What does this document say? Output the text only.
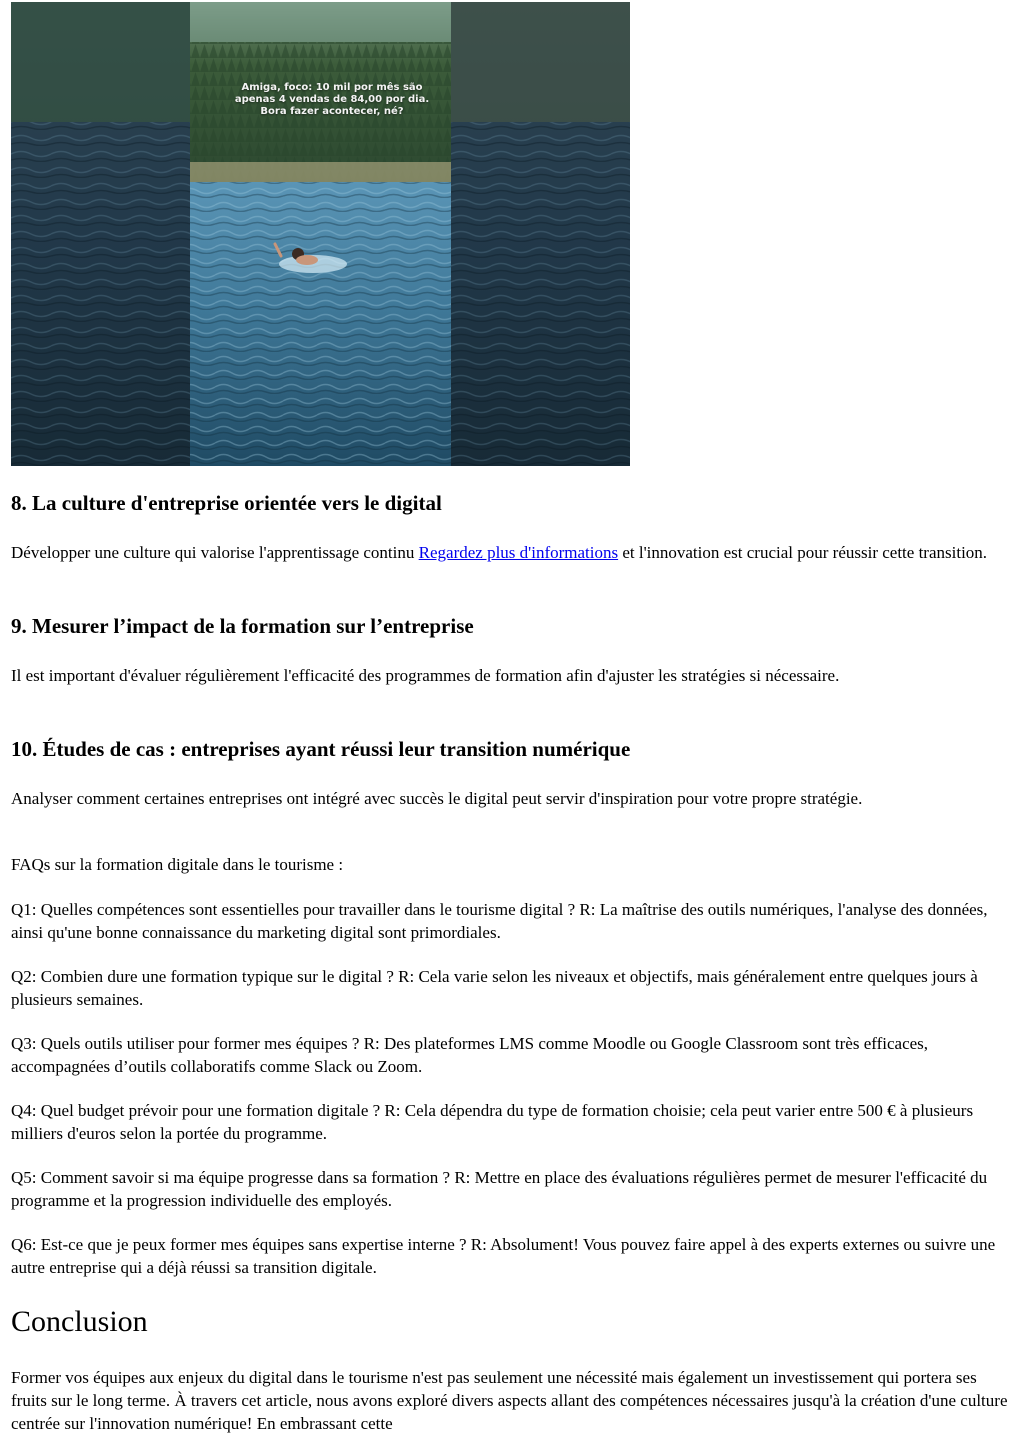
Amiga, foco: 10 mil por mês são
apenas 4 vendas de 84,00 por dia.
Bora fazer acontecer, né?
8. La culture d'entreprise orientée vers le digital

Développer une culture qui valorise l'apprentissage continu Regardez plus d'informations et l'innovation est crucial pour réussir cette transition.

9. Mesurer l’impact de la formation sur l’entreprise

Il est important d'évaluer régulièrement l'efficacité des programmes de formation afin d'ajuster les stratégies si nécessaire.

10. Études de cas : entreprises ayant réussi leur transition numérique

Analyser comment certaines entreprises ont intégré avec succès le digital peut servir d'inspiration pour votre propre stratégie.

FAQs sur la formation digitale dans le tourisme :

Q1: Quelles compétences sont essentielles pour travailler dans le tourisme digital ? R: La maîtrise des outils numériques, l'analyse des données, ainsi qu'une bonne connaissance du marketing digital sont primordiales.

Q2: Combien dure une formation typique sur le digital ? R: Cela varie selon les niveaux et objectifs, mais généralement entre quelques jours à plusieurs semaines.

Q3: Quels outils utiliser pour former mes équipes ? R: Des plateformes LMS comme Moodle ou Google Classroom sont très efficaces, accompagnées d’outils collaboratifs comme Slack ou Zoom.

Q4: Quel budget prévoir pour une formation digitale ? R: Cela dépendra du type de formation choisie; cela peut varier entre 500 € à plusieurs milliers d'euros selon la portée du programme.

Q5: Comment savoir si ma équipe progresse dans sa formation ? R: Mettre en place des évaluations régulières permet de mesurer l'efficacité du programme et la progression individuelle des employés.

Q6: Est-ce que je peux former mes équipes sans expertise interne ? R: Absolument! Vous pouvez faire appel à des experts externes ou suivre une autre entreprise qui a déjà réussi sa transition digitale.

Conclusion

Former vos équipes aux enjeux du digital dans le tourisme n'est pas seulement une nécessité mais également un investissement qui portera ses fruits sur le long terme. À travers cet article, nous avons exploré divers aspects allant des compétences nécessaires jusqu'à la création d'une culture centrée sur l'innovation numérique! En embrassant cette
